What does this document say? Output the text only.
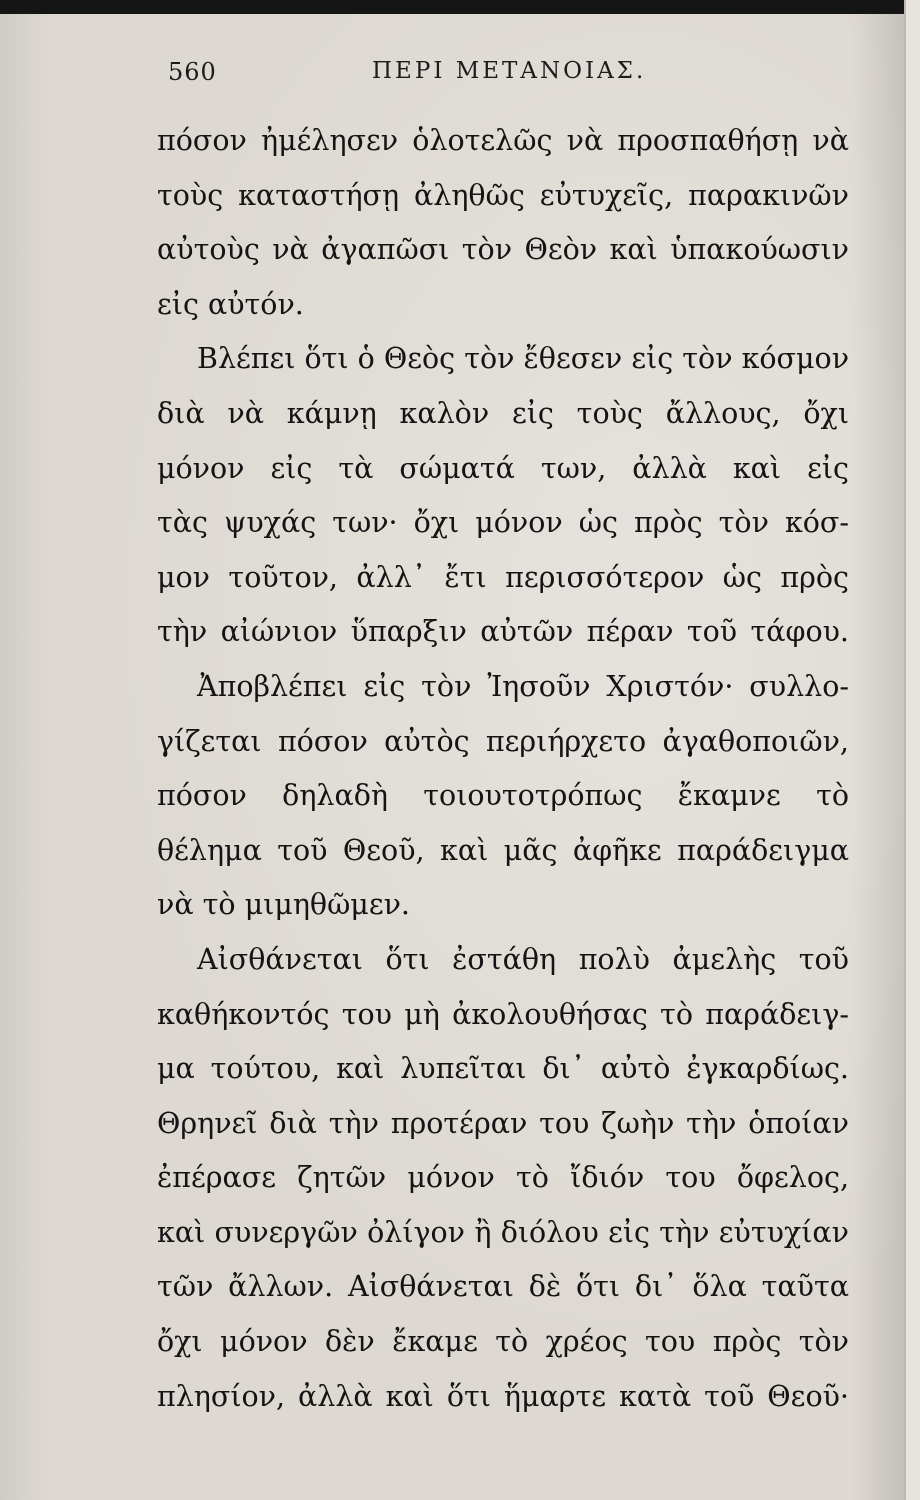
560	ΠΕΡΙ ΜΕΤΑΝΟΙΑΣ.
πόσον ἠμέλησεν ὁλοτελῶς νὰ προσπαθήσῃ νὰ
τοὺς καταστήσῃ ἀληθῶς εὐτυχεῖς, παρακινῶν
αὐτοὺς νὰ ἀγαπῶσι τὸν Θεὸν καὶ ὑπακούωσιν
εἰς αὐτόν.
Βλέπει ὅτι ὁ Θεὸς τὸν ἔθεσεν εἰς τὸν κόσμον
διὰ νὰ κάμνῃ καλὸν εἰς τοὺς ἄλλους, ὄχι
μόνον εἰς τὰ σώματά των, ἀλλὰ καὶ εἰς
τὰς ψυχάς των· ὄχι μόνον ὡς πρὸς τὸν κόσ-
μον τοῦτον, ἀλλ᾿ ἔτι περισσότερον ὡς πρὸς
τὴν αἰώνιον ὕπαρξιν αὐτῶν πέραν τοῦ τάφου.
Ἀποβλέπει εἰς τὸν Ἰησοῦν Χριστόν· συλλο-
γίζεται πόσον αὐτὸς περιήρχετο ἀγαθοποιῶν,
πόσον δηλαδὴ τοιουτοτρόπως ἔκαμνε τὸ
θέλημα τοῦ Θεοῦ, καὶ μᾶς ἀφῆκε παράδειγμα
νὰ τὸ μιμηθῶμεν.
Αἰσθάνεται ὅτι ἐστάθη πολὺ ἀμελὴς τοῦ
καθήκοντός του μὴ ἀκολουθήσας τὸ παράδειγ-
μα τούτου, καὶ λυπεῖται δι᾿ αὐτὸ ἐγκαρδίως.
Θρηνεῖ διὰ τὴν προτέραν του ζωὴν τὴν ὁποίαν
ἐπέρασε ζητῶν μόνον τὸ ἴδιόν του ὄφελος,
καὶ συνεργῶν ὀλίγον ἢ διόλου εἰς τὴν εὐτυχίαν
τῶν ἄλλων. Αἰσθάνεται δὲ ὅτι δι᾿ ὅλα ταῦτα
ὄχι μόνον δὲν ἔκαμε τὸ χρέος του πρὸς τὸν
πλησίον, ἀλλὰ καὶ ὅτι ἥμαρτε κατὰ τοῦ Θεοῦ·
